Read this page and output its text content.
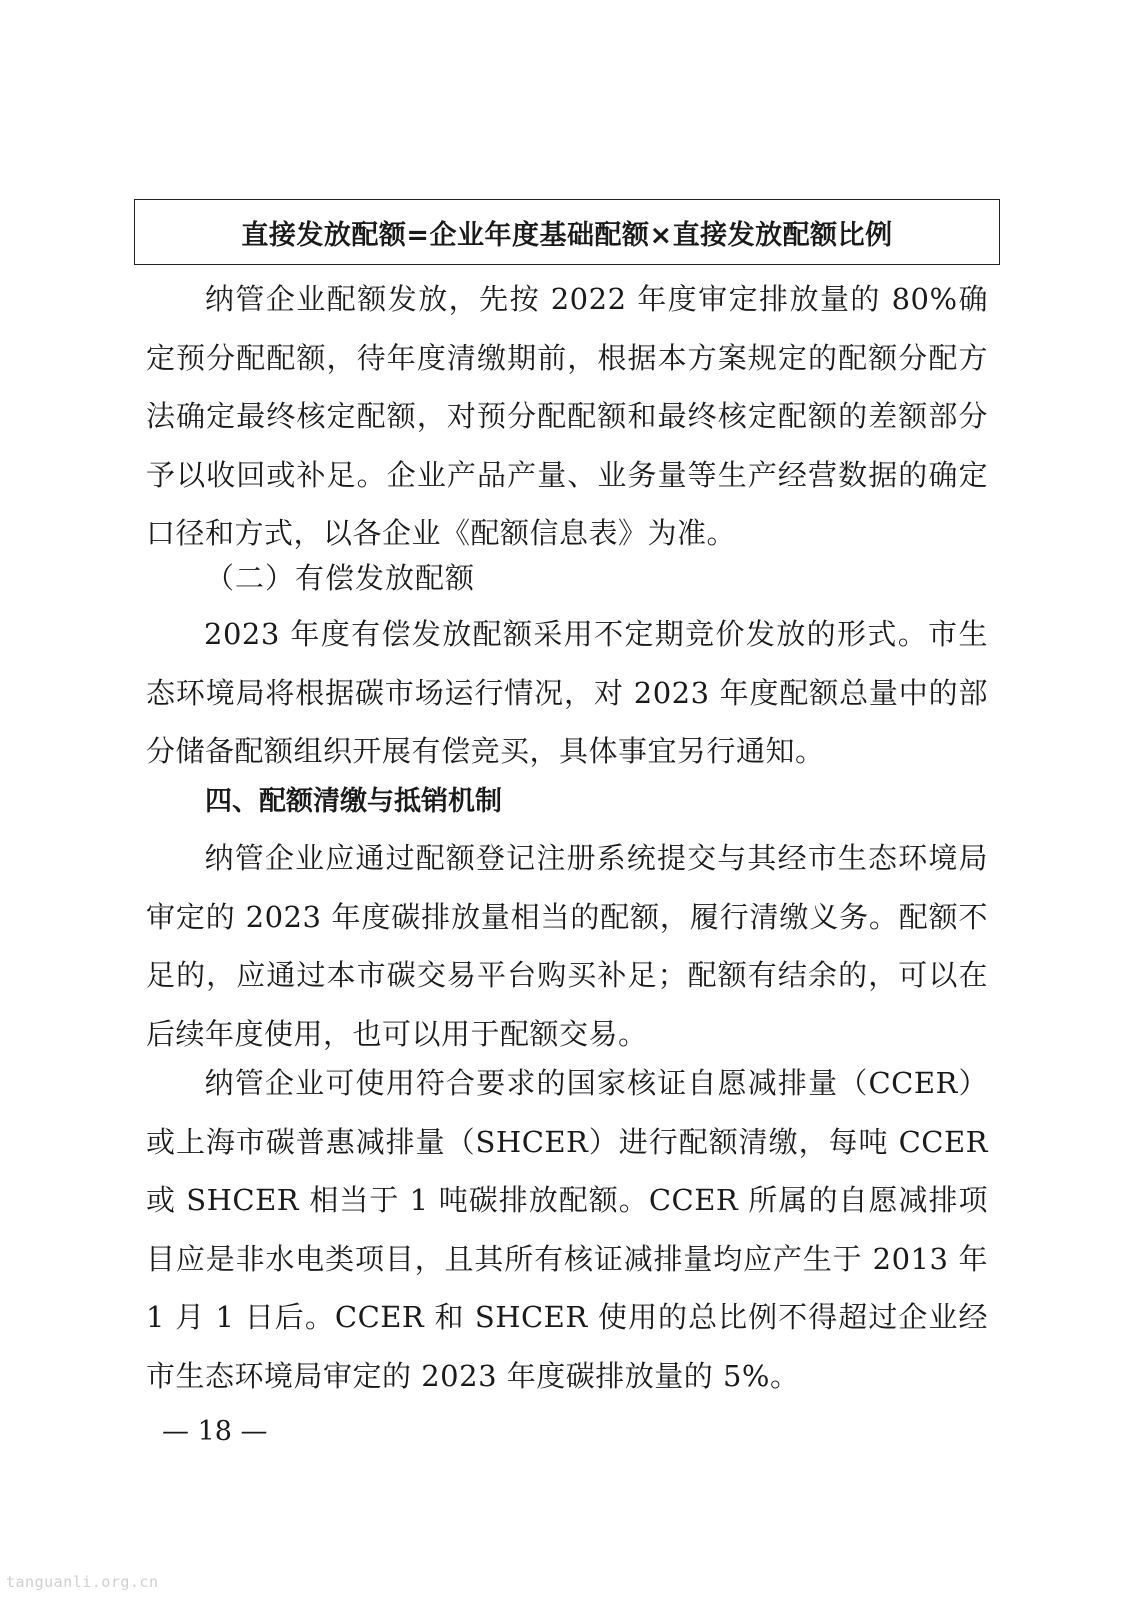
直接发放配额=企业年度基础配额×直接发放配额比例
纳管企业配额发放，先按 2022 年度审定排放量的 80%确定预分配配额，待年度清缴期前，根据本方案规定的配额分配方法确定最终核定配额，对预分配配额和最终核定配额的差额部分予以收回或补足。企业产品产量、业务量等生产经营数据的确定口径和方式，以各企业《配额信息表》为准。
（二）有偿发放配额
2023 年度有偿发放配额采用不定期竞价发放的形式。市生态环境局将根据碳市场运行情况，对 2023 年度配额总量中的部分储备配额组织开展有偿竞买，具体事宜另行通知。
四、配额清缴与抵销机制
纳管企业应通过配额登记注册系统提交与其经市生态环境局审定的 2023 年度碳排放量相当的配额，履行清缴义务。配额不足的，应通过本市碳交易平台购买补足；配额有结余的，可以在后续年度使用，也可以用于配额交易。
纳管企业可使用符合要求的国家核证自愿减排量（CCER）或上海市碳普惠减排量（SHCER）进行配额清缴，每吨 CCER 或 SHCER 相当于 1 吨碳排放配额。CCER 所属的自愿减排项目应是非水电类项目，且其所有核证减排量均应产生于 2013 年 1 月 1 日后。CCER 和 SHCER 使用的总比例不得超过企业经市生态环境局审定的 2023 年度碳排放量的 5%。
— 18 —
tanguanli.org.cn
